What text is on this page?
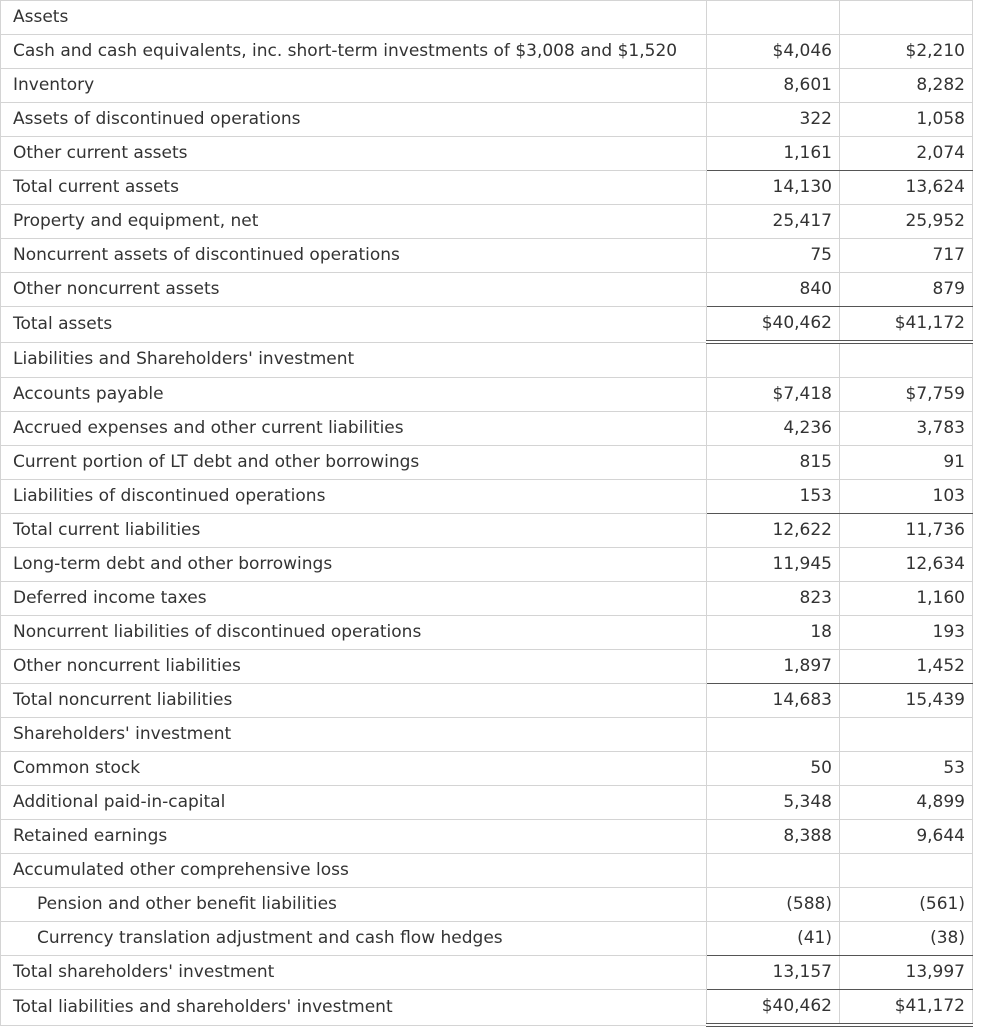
Assets		
Cash and cash equivalents, inc. short-term investments of $3,008 and $1,520	$4,046	$2,210
Inventory	8,601	8,282
Assets of discontinued operations	322	1,058
Other current assets	1,161	2,074
Total current assets	14,130	13,624
Property and equipment, net	25,417	25,952
Noncurrent assets of discontinued operations	75	717
Other noncurrent assets	840	879
Total assets	$40,462	$41,172
Liabilities and Shareholders' investment		
Accounts payable	$7,418	$7,759
Accrued expenses and other current liabilities	4,236	3,783
Current portion of LT debt and other borrowings	815	91
Liabilities of discontinued operations	153	103
Total current liabilities	12,622	11,736
Long-term debt and other borrowings	11,945	12,634
Deferred income taxes	823	1,160
Noncurrent liabilities of discontinued operations	18	193
Other noncurrent liabilities	1,897	1,452
Total noncurrent liabilities	14,683	15,439
Shareholders' investment		
Common stock	50	53
Additional paid-in-capital	5,348	4,899
Retained earnings	8,388	9,644
Accumulated other comprehensive loss		
Pension and other benefit liabilities	(588)	(561)
Currency translation adjustment and cash flow hedges	(41)	(38)
Total shareholders' investment	13,157	13,997
Total liabilities and shareholders' investment	$40,462	$41,172
